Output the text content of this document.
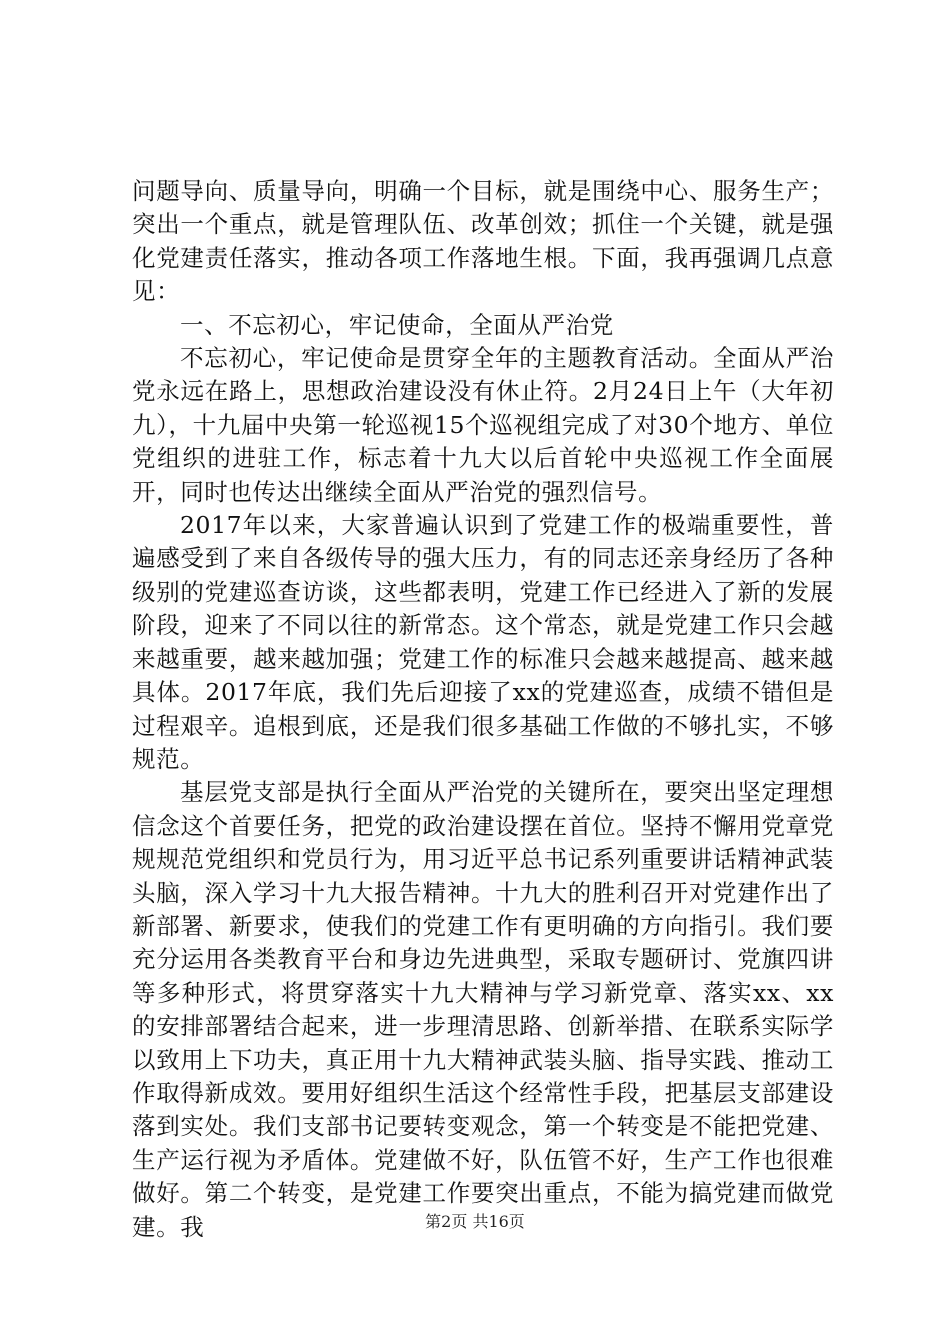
问题导向、质量导向，明确一个目标，就是围绕中心、服务生产；突出一个重点，就是管理队伍、改革创效；抓住一个关键，就是强化党建责任落实，推动各项工作落地生根。下面，我再强调几点意见：

一、不忘初心，牢记使命，全面从严治党

不忘初心，牢记使命是贯穿全年的主题教育活动。全面从严治党永远在路上，思想政治建设没有休止符。2月24日上午（大年初九），十九届中央第一轮巡视15个巡视组完成了对30个地方、单位党组织的进驻工作，标志着十九大以后首轮中央巡视工作全面展开，同时也传达出继续全面从严治党的强烈信号。

2017年以来，大家普遍认识到了党建工作的极端重要性，普遍感受到了来自各级传导的强大压力，有的同志还亲身经历了各种级别的党建巡查访谈，这些都表明，党建工作已经进入了新的发展阶段，迎来了不同以往的新常态。这个常态，就是党建工作只会越来越重要，越来越加强；党建工作的标准只会越来越提高、越来越具体。2017年底，我们先后迎接了xx的党建巡查，成绩不错但是过程艰辛。追根到底，还是我们很多基础工作做的不够扎实，不够规范。

基层党支部是执行全面从严治党的关键所在，要突出坚定理想信念这个首要任务，把党的政治建设摆在首位。坚持不懈用党章党规规范党组织和党员行为，用习近平总书记系列重要讲话精神武装头脑，深入学习十九大报告精神。十九大的胜利召开对党建作出了新部署、新要求，使我们的党建工作有更明确的方向指引。我们要充分运用各类教育平台和身边先进典型，采取专题研讨、党旗四讲等多种形式，将贯穿落实十九大精神与学习新党章、落实xx、xx的安排部署结合起来，进一步理清思路、创新举措、在联系实际学以致用上下功夫，真正用十九大精神武装头脑、指导实践、推动工作取得新成效。要用好组织生活这个经常性手段，把基层支部建设落到实处。我们支部书记要转变观念，第一个转变是不能把党建、生产运行视为矛盾体。党建做不好，队伍管不好，生产工作也很难做好。第二个转变，是党建工作要突出重点，不能为搞党建而做党建。我	第2页 共16页
